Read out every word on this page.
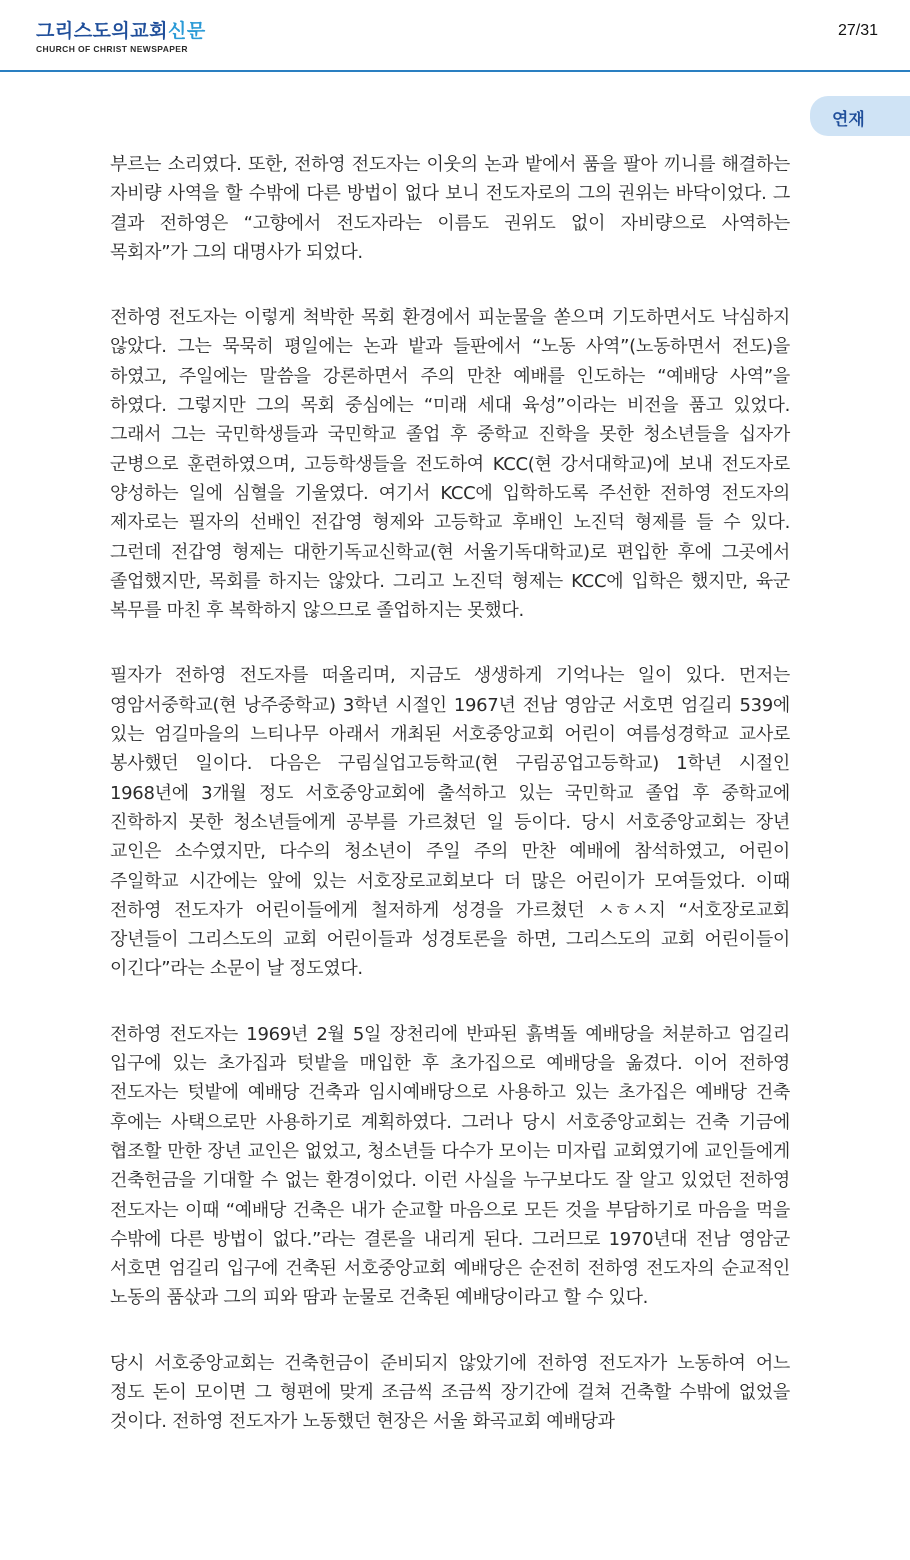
그리스도의교회신문
CHURCH OF CHRIST NEWSPAPER
27/31
연재

부르는 소리였다. 또한, 전하영 전도자는 이웃의 논과 밭에서 품을 팔아 끼니를 해결하는 자비량 사역을 할 수밖에 다른 방법이 없다 보니 전도자로의 그의 권위는 바닥이었다. 그 결과 전하영은 “고향에서 전도자라는 이름도 권위도 없이 자비량으로 사역하는 목회자”가 그의 대명사가 되었다.

전하영 전도자는 이렇게 척박한 목회 환경에서 피눈물을 쏟으며 기도하면서도 낙심하지 않았다. 그는 묵묵히 평일에는 논과 밭과 들판에서 “노동 사역”(노동하면서 전도)을 하였고, 주일에는 말씀을 강론하면서 주의 만찬 예배를 인도하는 “예배당 사역”을 하였다. 그렇지만 그의 목회 중심에는 “미래 세대 육성”이라는 비전을 품고 있었다. 그래서 그는 국민학생들과 국민학교 졸업 후 중학교 진학을 못한 청소년들을 십자가 군병으로 훈련하였으며, 고등학생들을 전도하여 KCC(현 강서대학교)에 보내 전도자로 양성하는 일에 심혈을 기울였다. 여기서 KCC에 입학하도록 주선한 전하영 전도자의 제자로는 필자의 선배인 전갑영 형제와 고등학교 후배인 노진덕 형제를 들 수 있다. 그런데 전갑영 형제는 대한기독교신학교(현 서울기독대학교)로 편입한 후에 그곳에서 졸업했지만, 목회를 하지는 않았다. 그리고 노진덕 형제는 KCC에 입학은 했지만, 육군 복무를 마친 후 복학하지 않으므로 졸업하지는 못했다.

필자가 전하영 전도자를 떠올리며, 지금도 생생하게 기억나는 일이 있다. 먼저는 영암서중학교(현 낭주중학교) 3학년 시절인 1967년 전남 영암군 서호면 엄길리 539에 있는 엄길마을의 느티나무 아래서 개최된 서호중앙교회 어린이 여름성경학교 교사로 봉사했던 일이다. 다음은 구림실업고등학교(현 구림공업고등학교) 1학년 시절인 1968년에 3개월 정도 서호중앙교회에 출석하고 있는 국민학교 졸업 후 중학교에 진학하지 못한 청소년들에게 공부를 가르쳤던 일 등이다. 당시 서호중앙교회는 장년 교인은 소수였지만, 다수의 청소년이 주일 주의 만찬 예배에 참석하였고, 어린이 주일학교 시간에는 앞에 있는 서호장로교회보다 더 많은 어린이가 모여들었다. 이때 전하영 전도자가 어린이들에게 철저하게 성경을 가르쳤던 ㅅㅎㅅ지 “서호장로교회 장년들이 그리스도의 교회 어린이들과 성경토론을 하면, 그리스도의 교회 어린이들이 이긴다”라는 소문이 날 정도였다.

전하영 전도자는 1969년 2월 5일 장천리에 반파된 흙벽돌 예배당을 처분하고 엄길리 입구에 있는 초가집과 텃밭을 매입한 후 초가집으로 예배당을 옮겼다. 이어 전하영 전도자는 텃밭에 예배당 건축과 임시예배당으로 사용하고 있는 초가집은 예배당 건축 후에는 사택으로만 사용하기로 계획하였다. 그러나 당시 서호중앙교회는 건축 기금에 협조할 만한 장년 교인은 없었고, 청소년들 다수가 모이는 미자립 교회였기에 교인들에게 건축헌금을 기대할 수 없는 환경이었다. 이런 사실을 누구보다도 잘 알고 있었던 전하영 전도자는 이때 “예배당 건축은 내가 순교할 마음으로 모든 것을 부담하기로 마음을 먹을 수밖에 다른 방법이 없다.”라는 결론을 내리게 된다. 그러므로 1970년대 전남 영암군 서호면 엄길리 입구에 건축된 서호중앙교회 예배당은 순전히 전하영 전도자의 순교적인 노동의 품삯과 그의 피와 땀과 눈물로 건축된 예배당이라고 할 수 있다.

당시 서호중앙교회는 건축헌금이 준비되지 않았기에 전하영 전도자가 노동하여 어느 정도 돈이 모이면 그 형편에 맞게 조금씩 조금씩 장기간에 걸쳐 건축할 수밖에 없었을 것이다. 전하영 전도자가 노동했던 현장은 서울 화곡교회 예배당과
